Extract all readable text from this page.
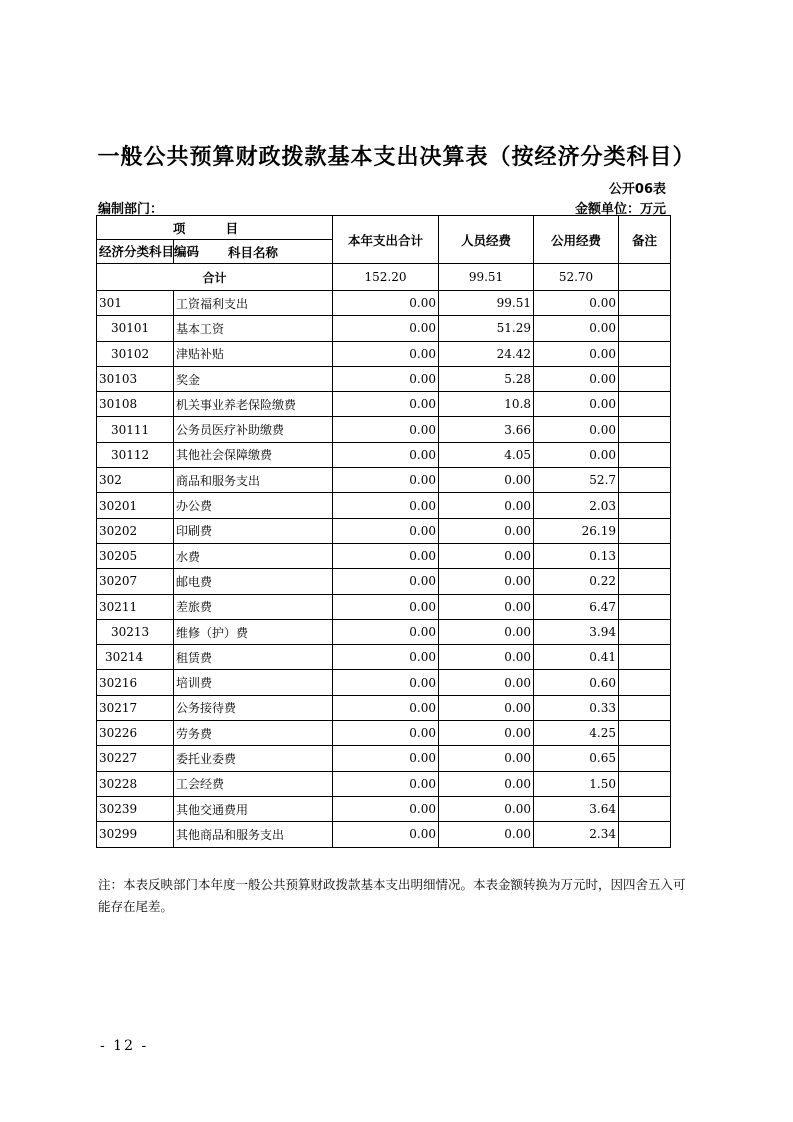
一般公共预算财政拨款基本支出决算表（按经济分类科目）
公开06表
编制部门：	金额单位：万元
项 目		本年支出合计	人员经费	公用经费	备注
经济分类科目编码	科目名称				
合计		152.20	99.51	52.70	
301	工资福利支出	0.00	99.51	0.00	
30101	基本工资	0.00	51.29	0.00	
30102	津贴补贴	0.00	24.42	0.00	
30103	奖金	0.00	5.28	0.00	
30108	机关事业养老保险缴费	0.00	10.8	0.00	
30111	公务员医疗补助缴费	0.00	3.66	0.00	
30112	其他社会保障缴费	0.00	4.05	0.00	
302	商品和服务支出	0.00	0.00	52.7	
30201	办公费	0.00	0.00	2.03	
30202	印刷费	0.00	0.00	26.19	
30205	水费	0.00	0.00	0.13	
30207	邮电费	0.00	0.00	0.22	
30211	差旅费	0.00	0.00	6.47	
30213	维修（护）费	0.00	0.00	3.94	
30214	租赁费	0.00	0.00	0.41	
30216	培训费	0.00	0.00	0.60	
30217	公务接待费	0.00	0.00	0.33	
30226	劳务费	0.00	0.00	4.25	
30227	委托业委费	0.00	0.00	0.65	
30228	工会经费	0.00	0.00	1.50	
30239	其他交通费用	0.00	0.00	3.64	
30299	其他商品和服务支出	0.00	0.00	2.34	
注：本表反映部门本年度一般公共预算财政拨款基本支出明细情况。本表金额转换为万元时，因四舍五入可能存在尾差。
- 12 -
